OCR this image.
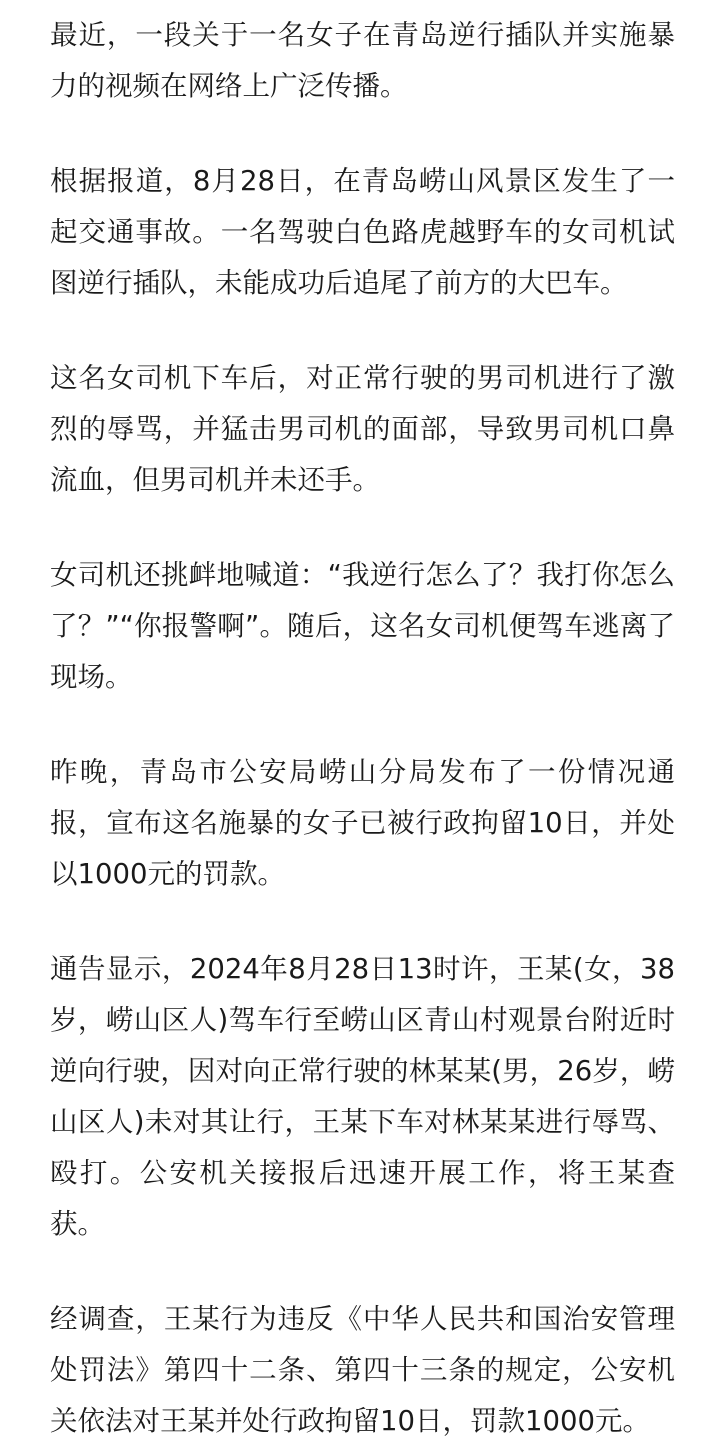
最近，一段关于一名女子在青岛逆行插队并实施暴力的视频在网络上广泛传播。

根据报道，8月28日，在青岛崂山风景区发生了一起交通事故。一名驾驶白色路虎越野车的女司机试图逆行插队，未能成功后追尾了前方的大巴车。

这名女司机下车后，对正常行驶的男司机进行了激烈的辱骂，并猛击男司机的面部，导致男司机口鼻流血，但男司机并未还手。

女司机还挑衅地喊道：“我逆行怎么了？我打你怎么了？”“你报警啊”。随后，这名女司机便驾车逃离了现场。

昨晚，青岛市公安局崂山分局发布了一份情况通报，宣布这名施暴的女子已被行政拘留10日，并处以1000元的罚款。

通告显示，2024年8月28日13时许，王某(女，38岁，崂山区人)驾车行至崂山区青山村观景台附近时逆向行驶，因对向正常行驶的林某某(男，26岁，崂山区人)未对其让行，王某下车对林某某进行辱骂、殴打。公安机关接报后迅速开展工作，将王某查获。

经调查，王某行为违反《中华人民共和国治安管理处罚法》第四十二条、第四十三条的规定，公安机关依法对王某并处行政拘留10日，罚款1000元。
